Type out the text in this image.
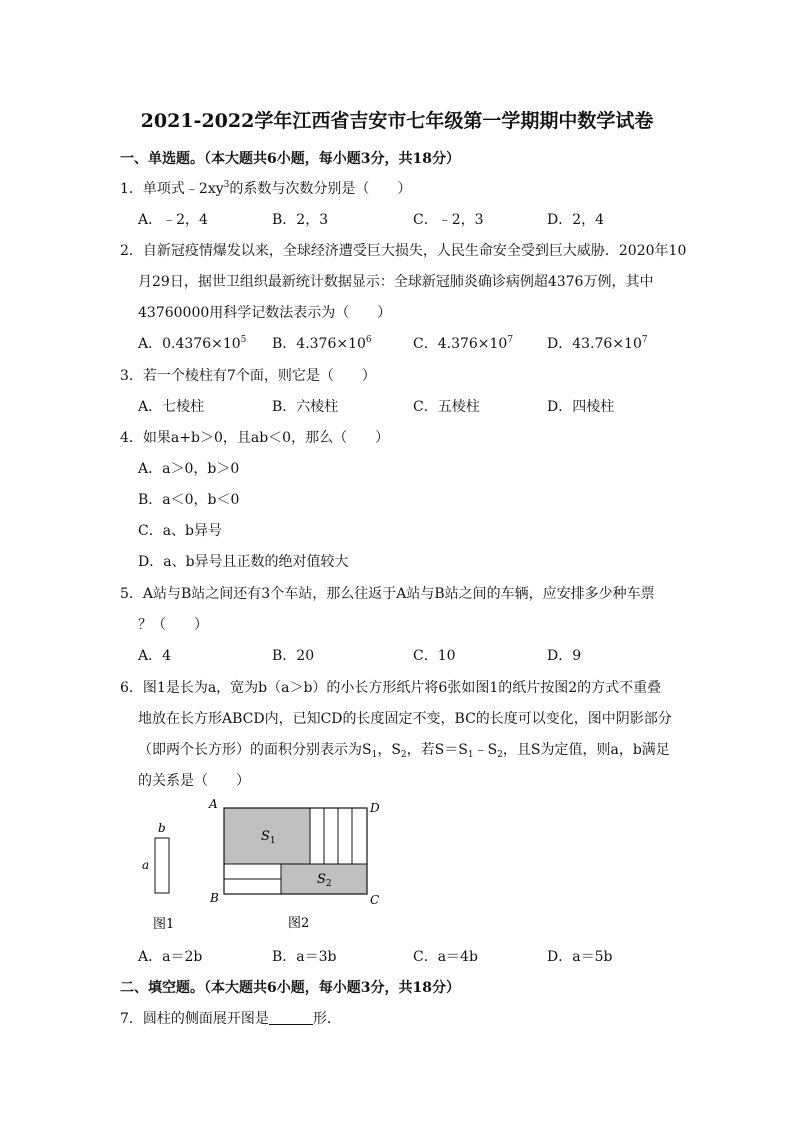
2021-2022学年江西省吉安市七年级第一学期期中数学试卷
一、单选题。（本大题共6小题，每小题3分，共18分）
1．单项式$﹣2xy^3$的系数与次数分别是（　　）
A．﹣2，4	B．2，3	C．﹣2，3	D．2，4
2．自新冠疫情爆发以来，全球经济遭受巨大损失，人民生命安全受到巨大威胁．2020年10
月29日，据世卫组织最新统计数据显示：全球新冠肺炎确诊病例超4376万例，其中
43760000用科学记数法表示为（　　）
A．$0.4376\times 10^5$ B．$4.376\times 10^6$	C．$4.376\times 10^7$ D．$43.76\times 10^7$
3．若一个棱柱有7个面，则它是（　　）
A．七棱柱	B．六棱柱	C．五棱柱	D．四棱柱
4．如果a+b＞0，且ab＜0，那么（　　）
A．a＞0，b＞0
B．a＜0，b＜0
C．a、b异号
D．a、b异号且正数的绝对值较大
5．A站与B站之间还有3个车站，那么往返于A站与B站之间的车辆，应安排多少种车票
？（　　）
A．4	B．20	C．10	D．9
6．图1是长为a，宽为b（a＞b）的小长方形纸片将6张如图1的纸片按图2的方式不重叠
地放在长方形ABCD内，已知CD的长度固定不变，BC的长度可以变化，图中阴影部分
（即两个长方形）的面积分别表示为$S_1$，$S_2$，若$S=S_1﹣S_2$，且S为定值，则a，b满足
的关系是（　　）
b
a
图1
$S_1$
$S_2$
A	D
B	C
图2
A．a＝2b	B．a＝3b	C．a＝4b	D．a＝5b
二、填空题。（本大题共6小题，每小题3分，共18分）
7．圆柱的侧面展开图是	形．
